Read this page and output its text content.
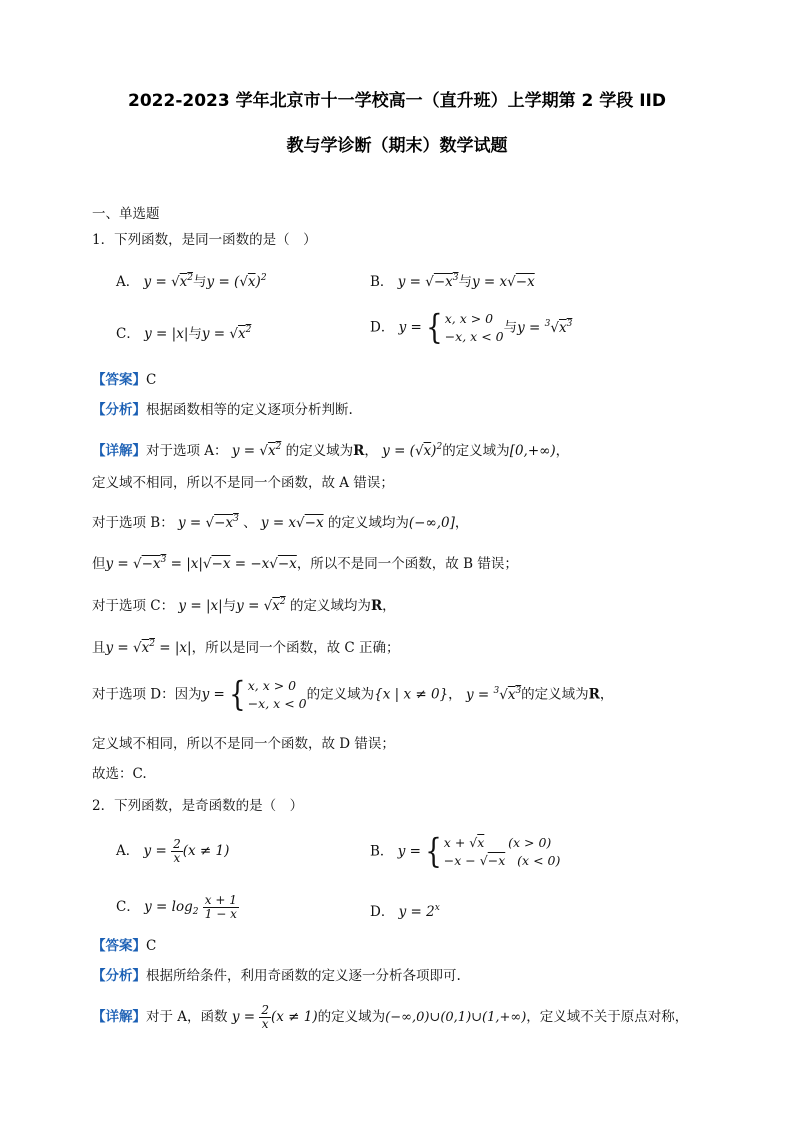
2022-2023 学年北京市十一学校高一（直升班）上学期第 2 学段 IID
教与学诊断（期末）数学试题
一、单选题
1．下列函数，是同一函数的是（　）
A． $y = √x^2$与$y = (√x)^2$	B． $y = √-x^3$与y = x√−x
C． y = |x|与$y = √x^2$	D． y = { x, x > 0
−x, x < 0与$y = ^3√x^3$
【答案】C
【分析】根据函数相等的定义逐项分析判断.
【详解】对于选项 A： $y = √x^2$ 的定义域为R， $y = (√x)^2$的定义域为[0,+∞)，
定义域不相同，所以不是同一个函数，故 A 错误；
对于选项 B： $y = √-x^3$ 、 y = x√−x 的定义域均为(−∞,0]，
但$y = √-x^3 = |x|√-x = -x√-x$，所以不是同一个函数，故 B 错误；
对于选项 C： y = |x|与$y = √x^2$ 的定义域均为R，
且$y = √x^2 = |x|$，所以是同一个函数，故 C 正确；
对于选项 D：因为y = { x, x > 0
−x, x < 0的定义域为{x | x ≠ 0}， $y = ^3√x^3$的定义域为R，
定义域不相同，所以不是同一个函数，故 D 错误；
故选：C.
2．下列函数，是奇函数的是（　）
A． $y = \frac{2}{x} (x \ne 1)$	B． y = { x + √x      (x > 0)
−x − √−x   (x < 0)
C． $y = \log_2 \frac{x + 1}{1 - x}$	D． $y = 2^x$
【答案】C
【分析】根据所给条件，利用奇函数的定义逐一分析各项即可.
【详解】对于 A，函数 $y = \frac{2}{x} (x \ne 1)$的定义域为(−∞,0)∪(0,1)∪(1,+∞)，定义域不关于原点对称，
